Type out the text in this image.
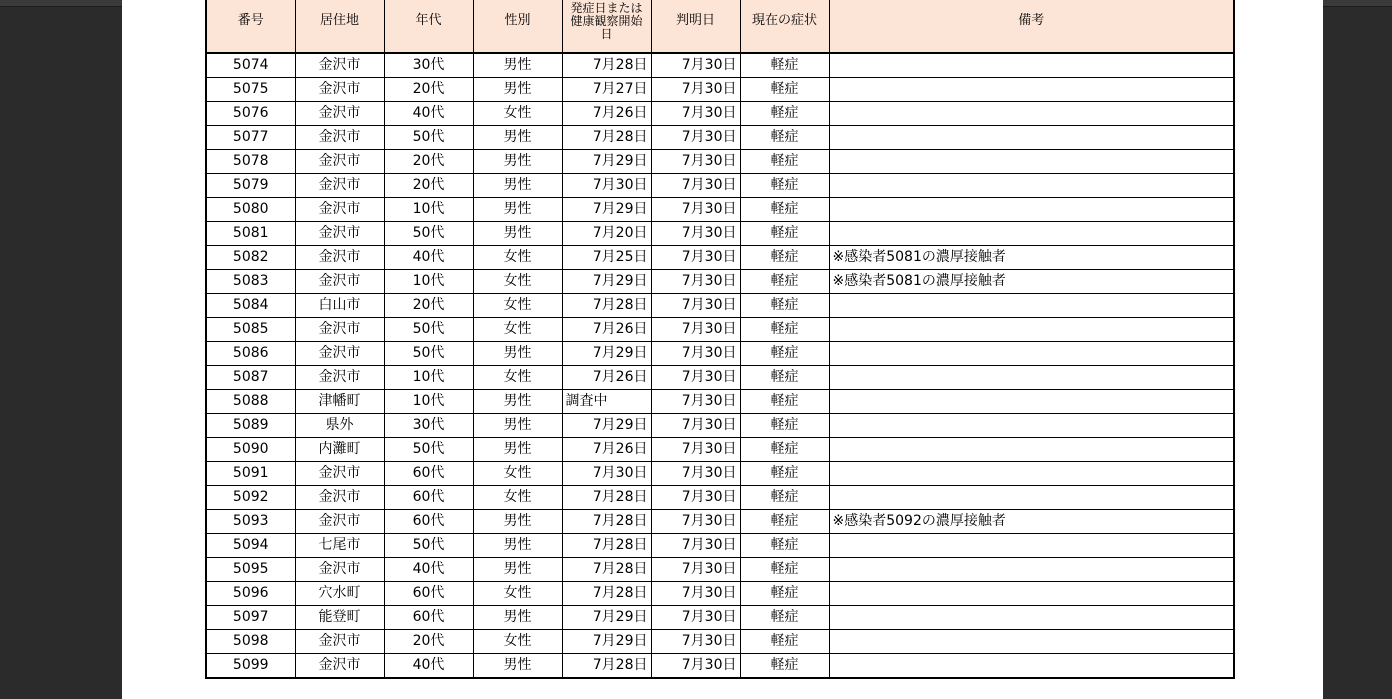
番号	居住地	年代	性別	発症日または健康観察開始日	判明日	現在の症状	備考
5074	金沢市	30代	男性	7月28日	7月30日	軽症	
5075	金沢市	20代	男性	7月27日	7月30日	軽症	
5076	金沢市	40代	女性	7月26日	7月30日	軽症	
5077	金沢市	50代	男性	7月28日	7月30日	軽症	
5078	金沢市	20代	男性	7月29日	7月30日	軽症	
5079	金沢市	20代	男性	7月30日	7月30日	軽症	
5080	金沢市	10代	男性	7月29日	7月30日	軽症	
5081	金沢市	50代	男性	7月20日	7月30日	軽症	
5082	金沢市	40代	女性	7月25日	7月30日	軽症	※感染者5081の濃厚接触者
5083	金沢市	10代	女性	7月29日	7月30日	軽症	※感染者5081の濃厚接触者
5084	白山市	20代	女性	7月28日	7月30日	軽症	
5085	金沢市	50代	女性	7月26日	7月30日	軽症	
5086	金沢市	50代	男性	7月29日	7月30日	軽症	
5087	金沢市	10代	女性	7月26日	7月30日	軽症	
5088	津幡町	10代	男性	調査中	7月30日	軽症	
5089	県外	30代	男性	7月29日	7月30日	軽症	
5090	内灘町	50代	男性	7月26日	7月30日	軽症	
5091	金沢市	60代	女性	7月30日	7月30日	軽症	
5092	金沢市	60代	女性	7月28日	7月30日	軽症	
5093	金沢市	60代	男性	7月28日	7月30日	軽症	※感染者5092の濃厚接触者
5094	七尾市	50代	男性	7月28日	7月30日	軽症	
5095	金沢市	40代	男性	7月28日	7月30日	軽症	
5096	穴水町	60代	女性	7月28日	7月30日	軽症	
5097	能登町	60代	男性	7月29日	7月30日	軽症	
5098	金沢市	20代	女性	7月29日	7月30日	軽症	
5099	金沢市	40代	男性	7月28日	7月30日	軽症	
